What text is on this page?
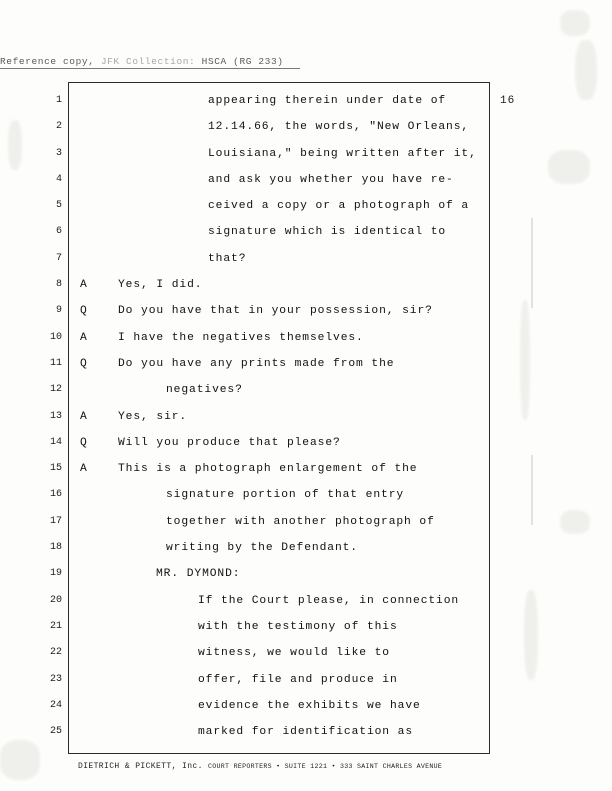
Reference copy, JFK Collection: HSCA (RG 233)
1
2
3
4
5
6
7
8
9
10
11
12
13
14
15
16
17
18
19
20
21
22
23
24
25
16
appearing therein under date of
12.14.66, the words, "New Orleans,
Louisiana," being written after it,
and ask you whether you have re-
ceived a copy or a photograph of a
signature which is identical to
that?
A	Yes, I did.
Q	Do you have that in your possession, sir?
A	I have the negatives themselves.
Q	Do you have any prints made from the
negatives?
A	Yes, sir.
Q	Will you produce that please?
A	This is a photograph enlargement of the
signature portion of that entry
together with another photograph of
writing by the Defendant.
MR. DYMOND:
If the Court please, in connection
with the testimony of this
witness, we would like to
offer, file and produce in
evidence the exhibits we have
marked for identification as
DIETRICH & PICKETT, Inc. COURT REPORTERS • SUITE 1221 • 333 SAINT CHARLES AVENUE
